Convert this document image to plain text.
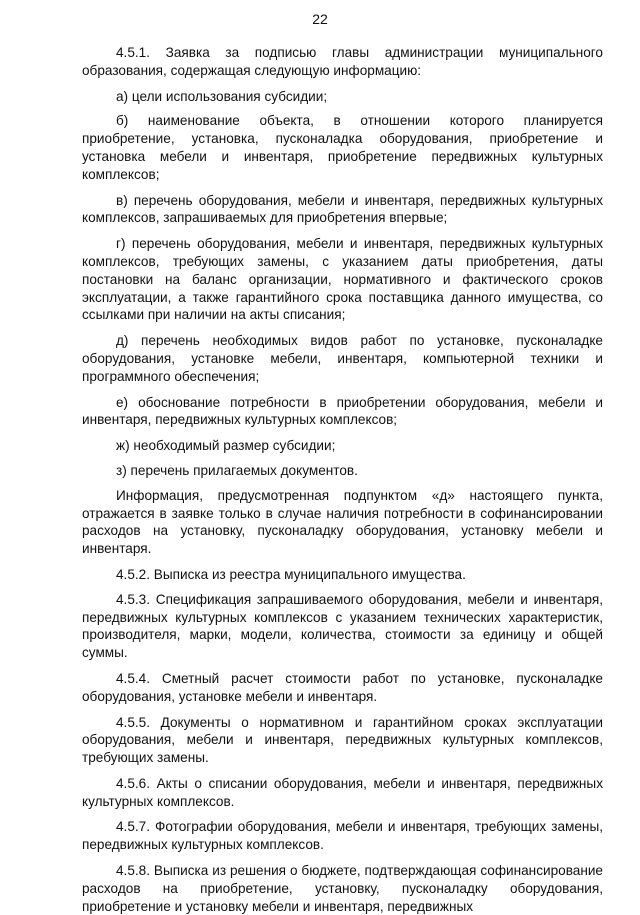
22

4.5.1. Заявка за подписью главы администрации муниципального образования, содержащая следующую информацию:

а) цели использования субсидии;

б) наименование объекта, в отношении которого планируется приобретение, установка, пусконаладка оборудования, приобретение и установка мебели и инвентаря, приобретение передвижных культурных комплексов;

в) перечень оборудования, мебели и инвентаря, передвижных культурных комплексов, запрашиваемых для приобретения впервые;

г) перечень оборудования, мебели и инвентаря, передвижных культурных комплексов, требующих замены, с указанием даты приобретения, даты постановки на баланс организации, нормативного и фактического сроков эксплуатации, а также гарантийного срока поставщика данного имущества, со ссылками при наличии на акты списания;

д) перечень необходимых видов работ по установке, пусконаладке оборудования, установке мебели, инвентаря, компьютерной техники и программного обеспечения;

е) обоснование потребности в приобретении оборудования, мебели и инвентаря, передвижных культурных комплексов;

ж) необходимый размер субсидии;

з) перечень прилагаемых документов.

Информация, предусмотренная подпунктом «д» настоящего пункта, отражается в заявке только в случае наличия потребности в софинансировании расходов на установку, пусконаладку оборудования, установку мебели и инвентаря.

4.5.2. Выписка из реестра муниципального имущества.

4.5.3. Спецификация запрашиваемого оборудования, мебели и инвентаря, передвижных культурных комплексов с указанием технических характеристик, производителя, марки, модели, количества, стоимости за единицу и общей суммы.

4.5.4. Сметный расчет стоимости работ по установке, пусконаладке оборудования, установке мебели и инвентаря.

4.5.5. Документы о нормативном и гарантийном сроках эксплуатации оборудования, мебели и инвентаря, передвижных культурных комплексов, требующих замены.

4.5.6. Акты о списании оборудования, мебели и инвентаря, передвижных культурных комплексов.

4.5.7. Фотографии оборудования, мебели и инвентаря, требующих замены, передвижных культурных комплексов.

4.5.8. Выписка из решения о бюджете, подтверждающая софинансирование расходов на приобретение, установку, пусконаладку оборудования, приобретение и установку мебели и инвентаря, передвижных
